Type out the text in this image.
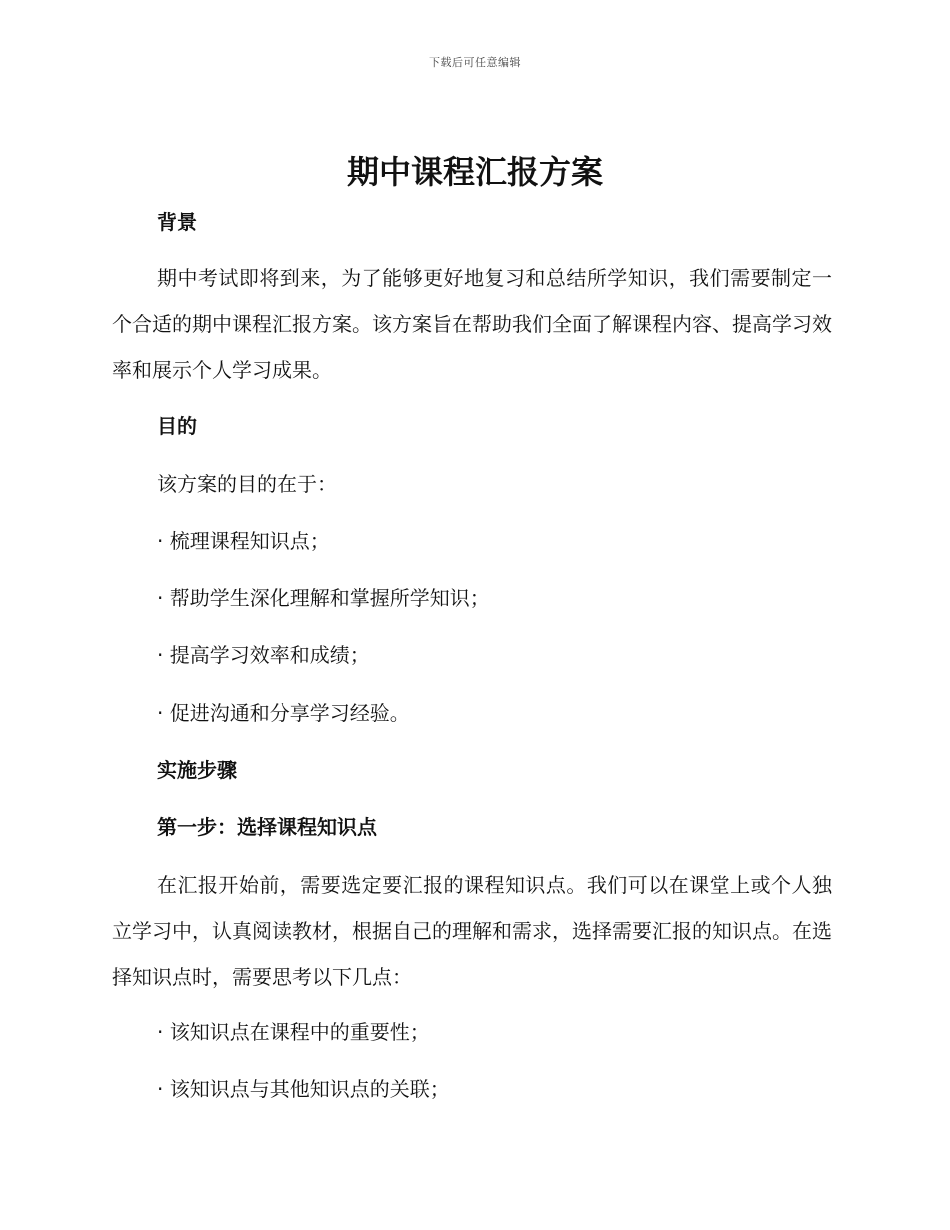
下载后可任意编辑
期中课程汇报方案
背景

期中考试即将到来，为了能够更好地复习和总结所学知识，我们需要制定一个合适的期中课程汇报方案。该方案旨在帮助我们全面了解课程内容、提高学习效率和展示个人学习成果。

目的

该方案的目的在于：

· 梳理课程知识点；

· 帮助学生深化理解和掌握所学知识；

· 提高学习效率和成绩；

· 促进沟通和分享学习经验。

实施步骤
第一步：选择课程知识点

在汇报开始前，需要选定要汇报的课程知识点。我们可以在课堂上或个人独立学习中，认真阅读教材，根据自己的理解和需求，选择需要汇报的知识点。在选择知识点时，需要思考以下几点：

· 该知识点在课程中的重要性；

· 该知识点与其他知识点的关联；
